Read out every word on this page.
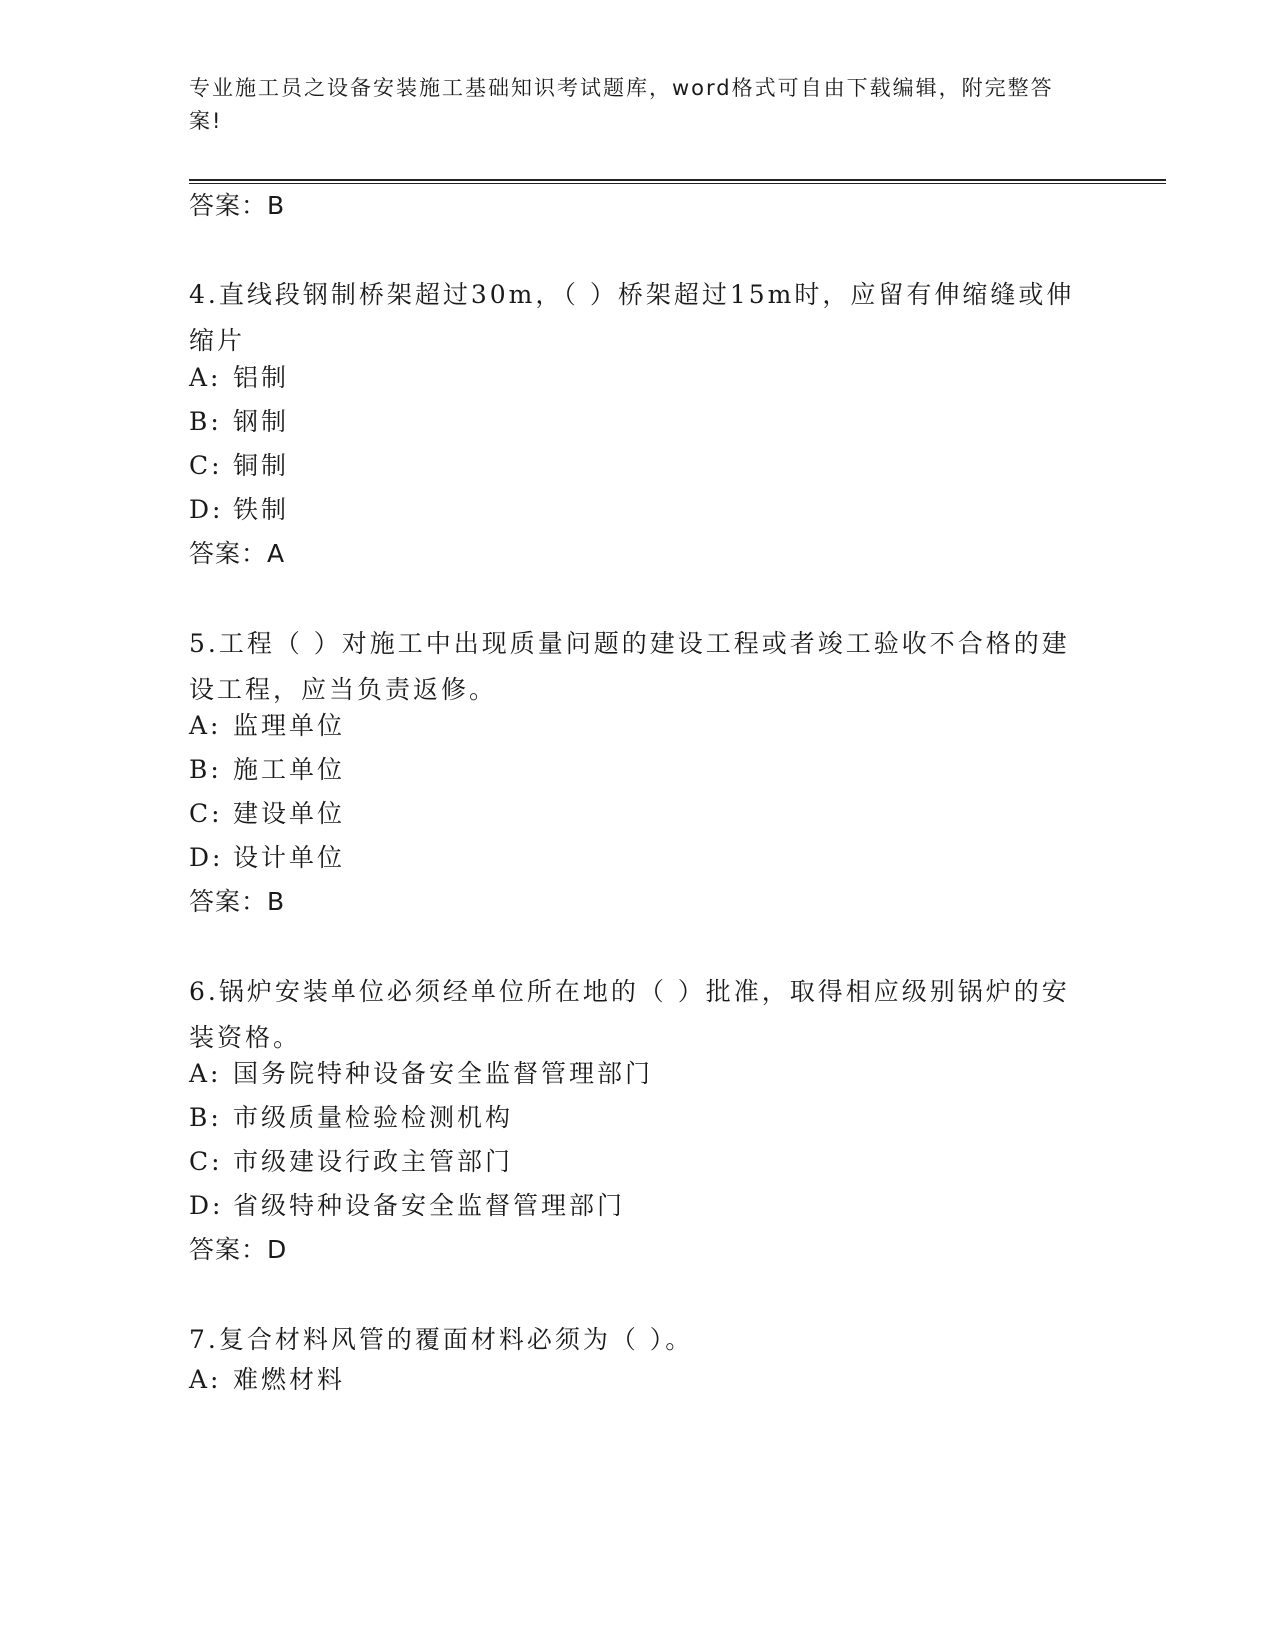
专业施工员之设备安装施工基础知识考试题库，word格式可自由下载编辑，附完整答案!
答案：B
4.直线段钢制桥架超过30m，（ ）桥架超过15m时，应留有伸缩缝或伸缩片
A: 铝制
B: 钢制
C: 铜制
D: 铁制
答案：A
5.工程（ ）对施工中出现质量问题的建设工程或者竣工验收不合格的建设工程，应当负责返修。
A: 监理单位
B: 施工单位
C: 建设单位
D: 设计单位
答案：B
6.锅炉安装单位必须经单位所在地的（ ）批准，取得相应级别锅炉的安装资格。
A: 国务院特种设备安全监督管理部门
B: 市级质量检验检测机构
C: 市级建设行政主管部门
D: 省级特种设备安全监督管理部门
答案：D
7.复合材料风管的覆面材料必须为（ ）。
A: 难燃材料
